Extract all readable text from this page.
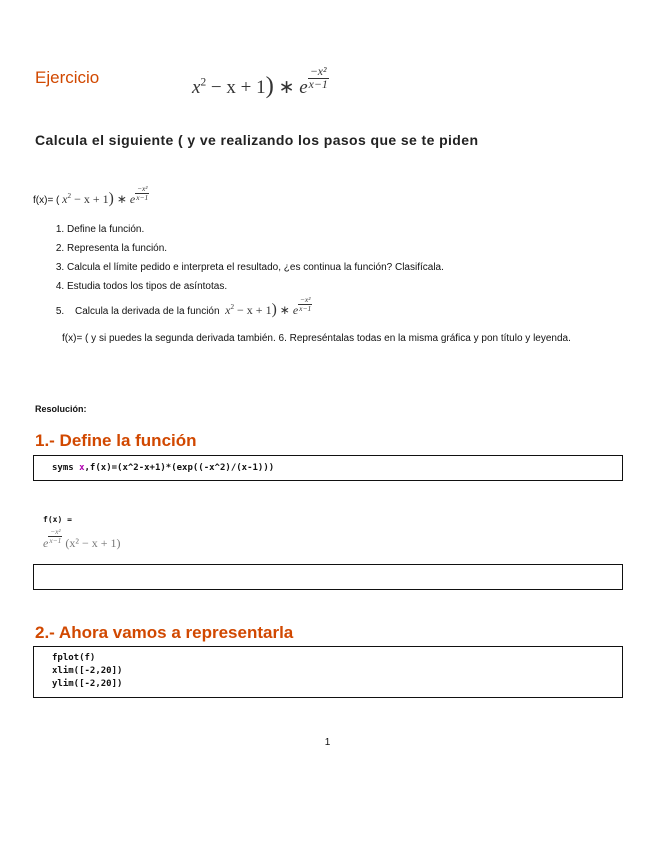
Ejercicio	$x^2 - x + 1$) ∗ e $\frac{\text{−x²}}{x-1}$
Calcula el siguiente ( y ve realizando los pasos que se te piden
f(x)= ( $x^2 - x + 1$) ∗ e $\frac{\text{−x²}}{x-1}$
1. Define la función.
2. Representa la función.
3. Calcula el límite pedido e interpreta el resultado, ¿es continua la función? Clasifícala.
4. Estudia todos los tipos de asíntotas.
5. Calcula la derivada de la función $x^2 - x + 1$) ∗ e $\frac{\text{−x²}}{x-1}$
f(x)= ( y si puedes la segunda derivada también. 6. Represéntalas todas en la misma gráfica y pon título y leyenda.
Resolución:
1.- Define la función
syms x,f(x)=(x^2-x+1)*(exp((-x^2)/(x-1)))
f(x) =
e $\frac{\text{−x²}}{x-1} (x^2 - x + 1)$
2.- Ahora vamos a representarla
fplot(f)
xlim([-2,20])
ylim([-2,20])
1
